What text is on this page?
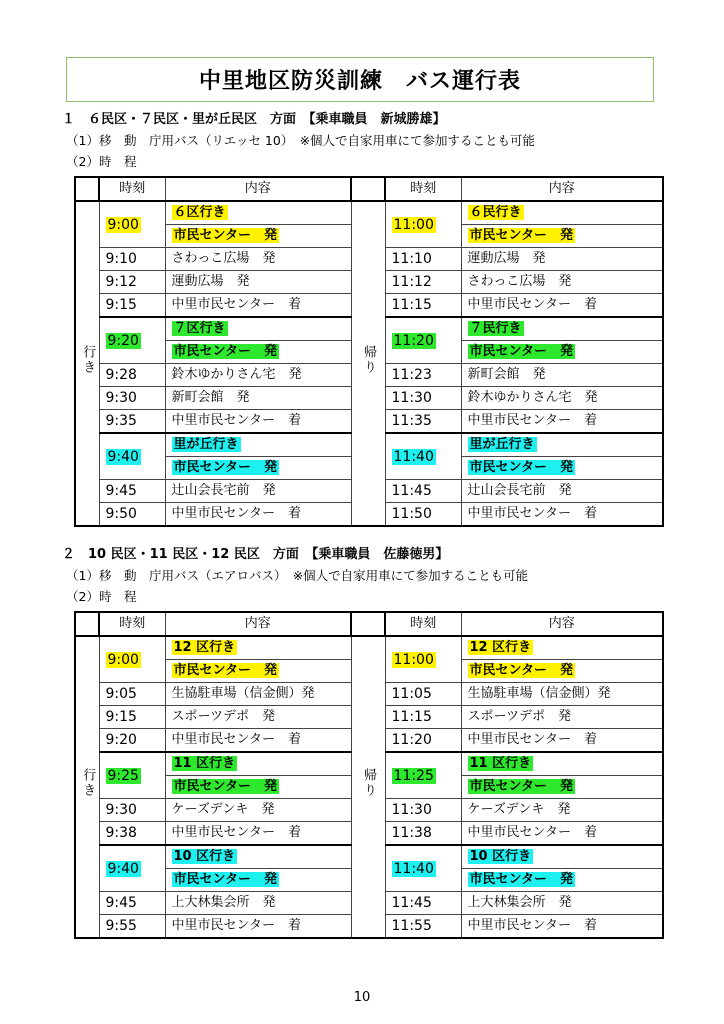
中里地区防災訓練　バス運行表
１　６民区・７民区・里が丘民区　方面　【乗車職員　新城勝雄】
（1）移　動　庁用バス（リエッセ 10）　※個人で自家用車にて参加することも可能
（2）時　程
	時刻	内容		時刻	内容
行き	9:00	６区行き	帰り	11:00	６民行き
		市民センター　発			市民センター　発
	9:10	さわっこ広場　発		11:10	運動広場　発
	9:12	運動広場　発		11:12	さわっこ広場　発
	9:15	中里市民センター　着		11:15	中里市民センター　着
	9:20	７区行き		11:20	７民行き
		市民センター　発			市民センター　発
	9:28	鈴木ゆかりさん宅　発		11:23	新町会館　発
	9:30	新町会館　発		11:30	鈴木ゆかりさん宅　発
	9:35	中里市民センター　着		11:35	中里市民センター　着
	9:40	里が丘行き		11:40	里が丘行き
		市民センター　発			市民センター　発
	9:45	辻山会長宅前　発		11:45	辻山会長宅前　発
	9:50	中里市民センター　着		11:50	中里市民センター　着
２　10 民区・11 民区・12 民区　方面　【乗車職員　佐藤徳男】
（1）移　動　庁用バス（エアロバス）　※個人で自家用車にて参加することも可能
（2）時　程
	時刻	内容		時刻	内容
行き	9:00	12 区行き	帰り	11:00	12 区行き
		市民センター　発			市民センター　発
	9:05	生協駐車場（信金側）発		11:05	生協駐車場（信金側）発
	9:15	スポーツデポ　発		11:15	スポーツデポ　発
	9:20	中里市民センター　着		11:20	中里市民センター　着
	9:25	11 区行き		11:25	11 区行き
		市民センター　発			市民センター　発
	9:30	ケーズデンキ　発		11:30	ケーズデンキ　発
	9:38	中里市民センター　着		11:38	中里市民センター　着
	9:40	10 区行き		11:40	10 区行き
		市民センター　発			市民センター　発
	9:45	上大林集会所　発		11:45	上大林集会所　発
	9:55	中里市民センター　着		11:55	中里市民センター　着
10
